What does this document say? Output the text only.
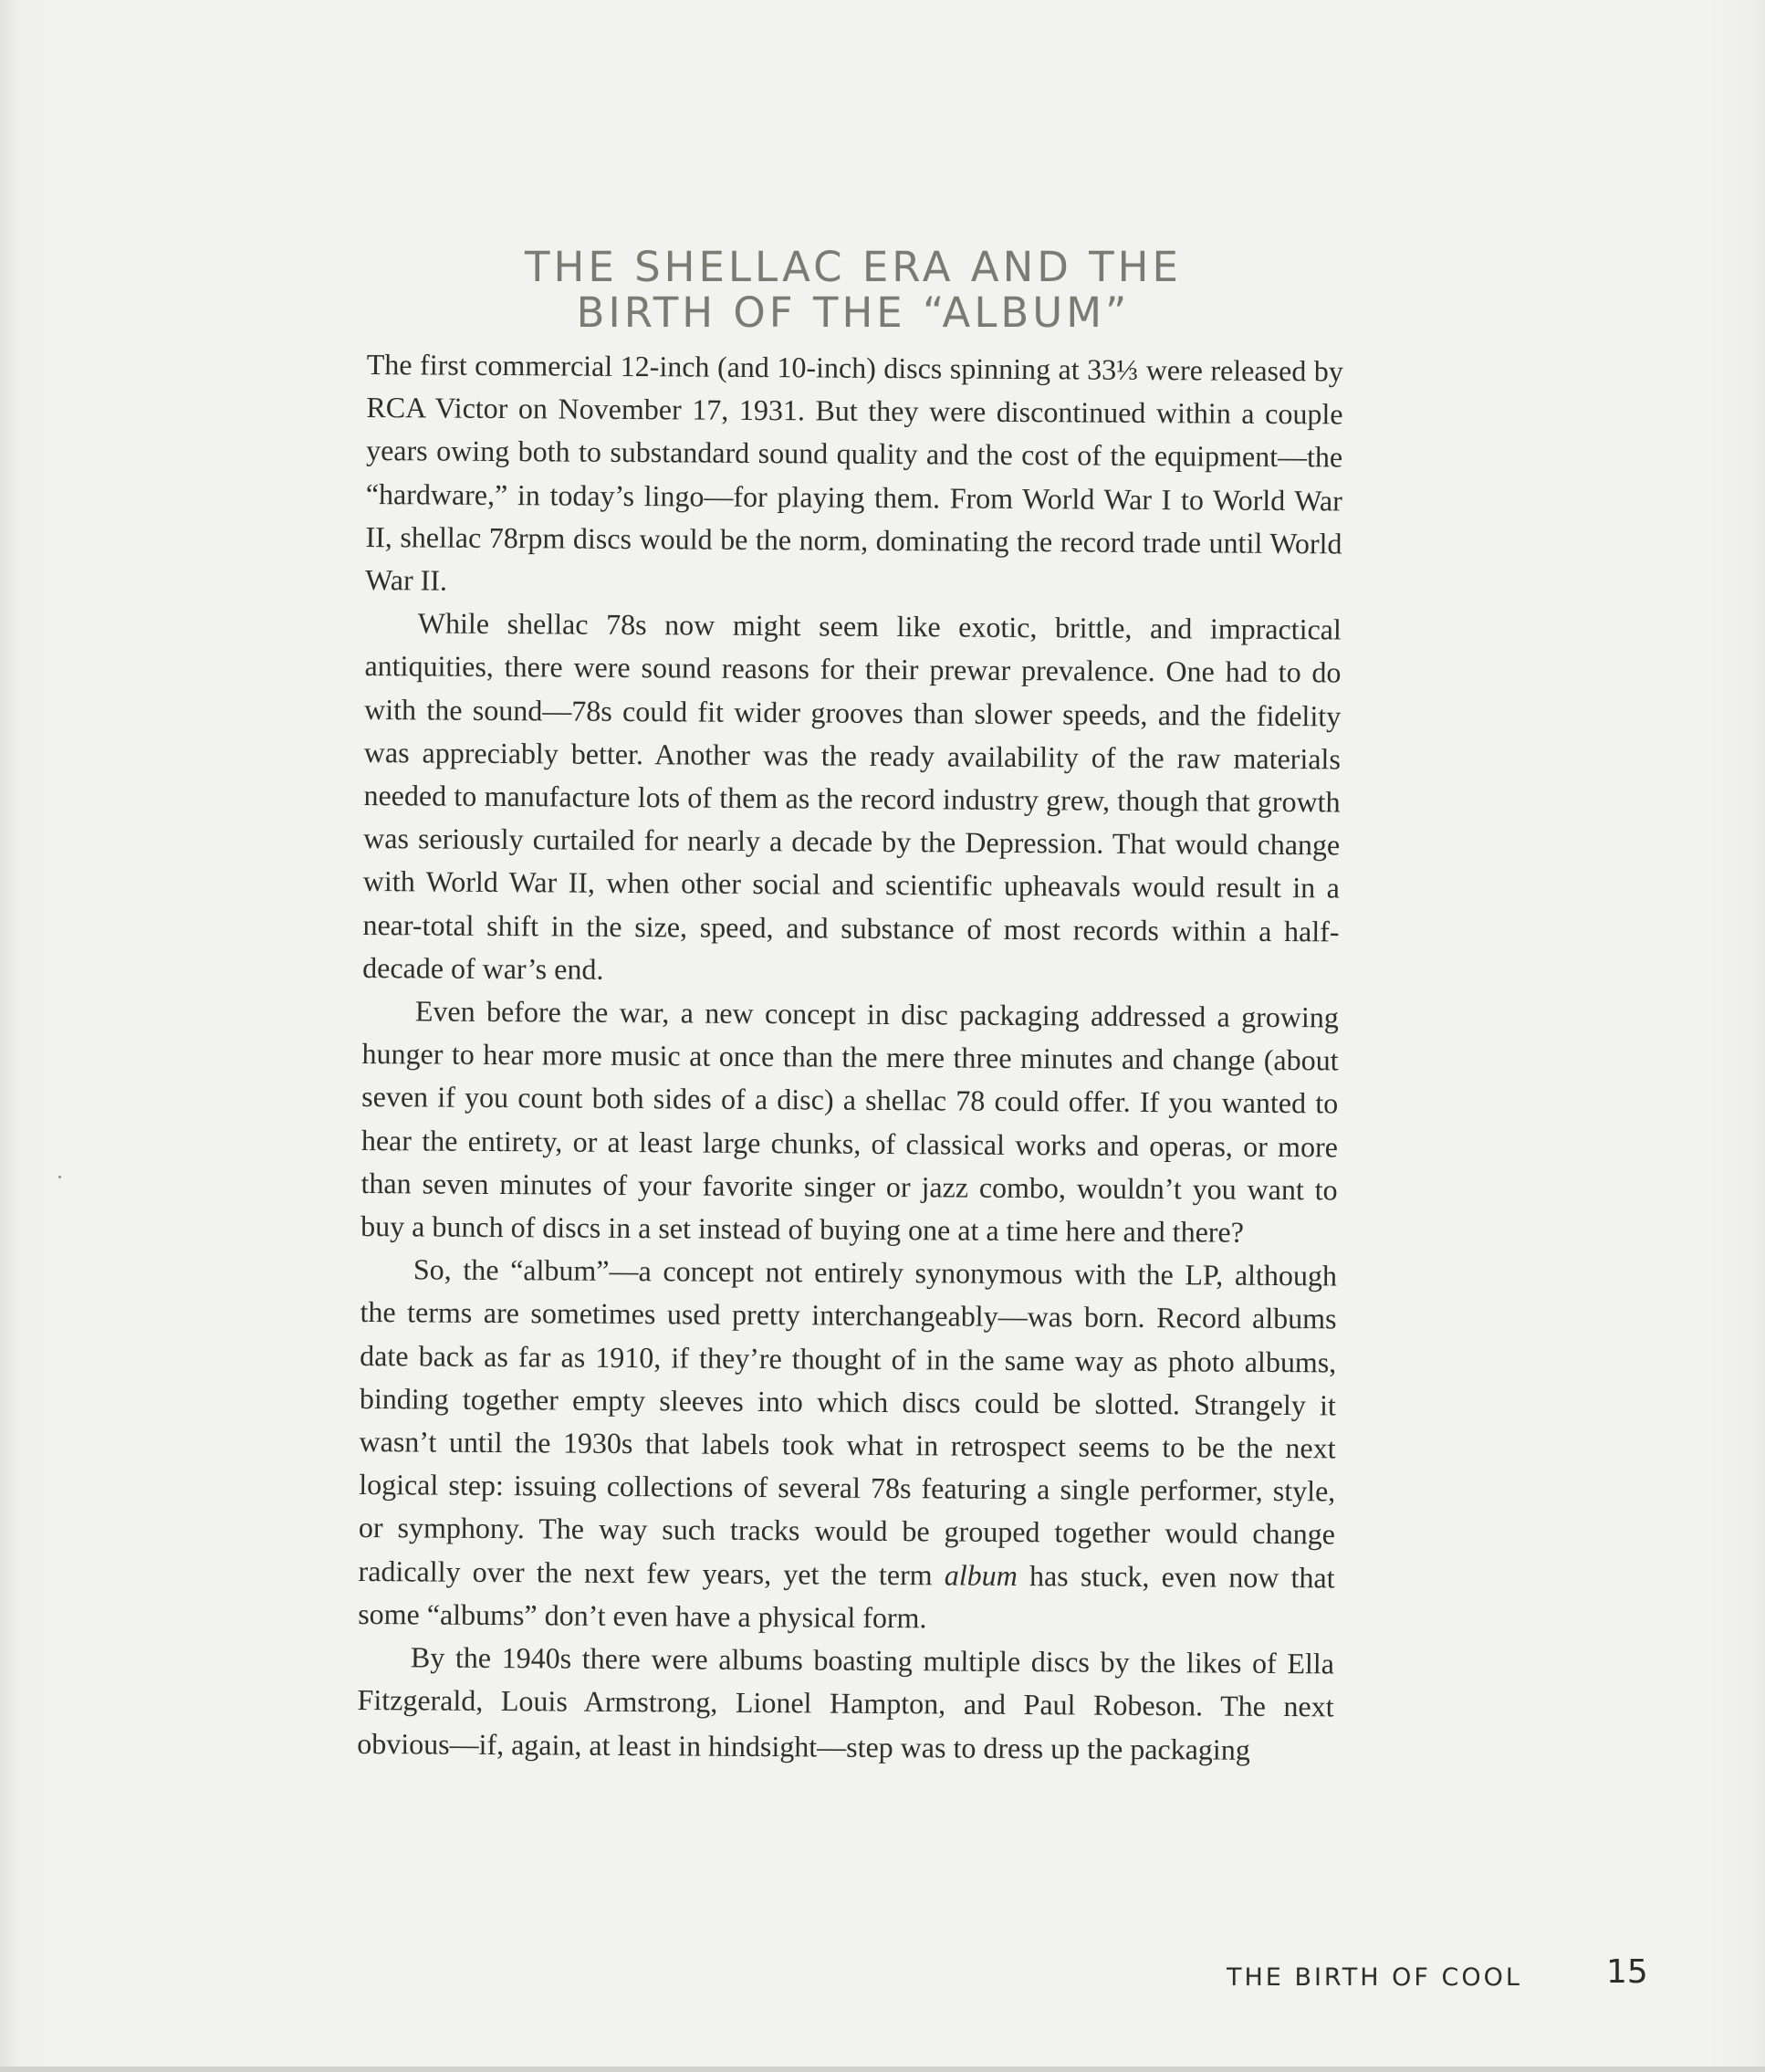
THE SHELLAC ERA AND THE
BIRTH OF THE “ALBUM”

The first commercial 12-inch (and 10-inch) discs spinning at 33⅓ were released by RCA Victor on November 17, 1931. But they were discontinued within a couple years owing both to substandard sound quality and the cost of the equipment—the “hardware,” in today’s lingo—for playing them. From World War I to World War II, shellac 78rpm discs would be the norm, dominating the record trade until World War II.

While shellac 78s now might seem like exotic, brittle, and impractical antiquities, there were sound reasons for their prewar prevalence. One had to do with the sound—78s could fit wider grooves than slower speeds, and the fidelity was appreciably better. Another was the ready availability of the raw materials needed to manufacture lots of them as the record industry grew, though that growth was seriously curtailed for nearly a decade by the Depression. That would change with World War II, when other social and scientific upheavals would result in a near-total shift in the size, speed, and substance of most records within a half-decade of war’s end.

Even before the war, a new concept in disc packaging addressed a growing hunger to hear more music at once than the mere three minutes and change (about seven if you count both sides of a disc) a shellac 78 could offer. If you wanted to hear the entirety, or at least large chunks, of classical works and operas, or more than seven minutes of your favorite singer or jazz combo, wouldn’t you want to buy a bunch of discs in a set instead of buying one at a time here and there?

So, the “album”—a concept not entirely synonymous with the LP, although the terms are sometimes used pretty interchangeably—was born. Record albums date back as far as 1910, if they’re thought of in the same way as photo albums, binding together empty sleeves into which discs could be slotted. Strangely it wasn’t until the 1930s that labels took what in retrospect seems to be the next logical step: issuing collections of several 78s featuring a single performer, style, or symphony. The way such tracks would be grouped together would change radically over the next few years, yet the term album has stuck, even now that some “albums” don’t even have a physical form.

By the 1940s there were albums boasting multiple discs by the likes of Ella Fitzgerald, Louis Armstrong, Lionel Hampton, and Paul Robeson. The next obvious—if, again, at least in hindsight—step was to dress up the packaging

THE BIRTH OF COOL	15
